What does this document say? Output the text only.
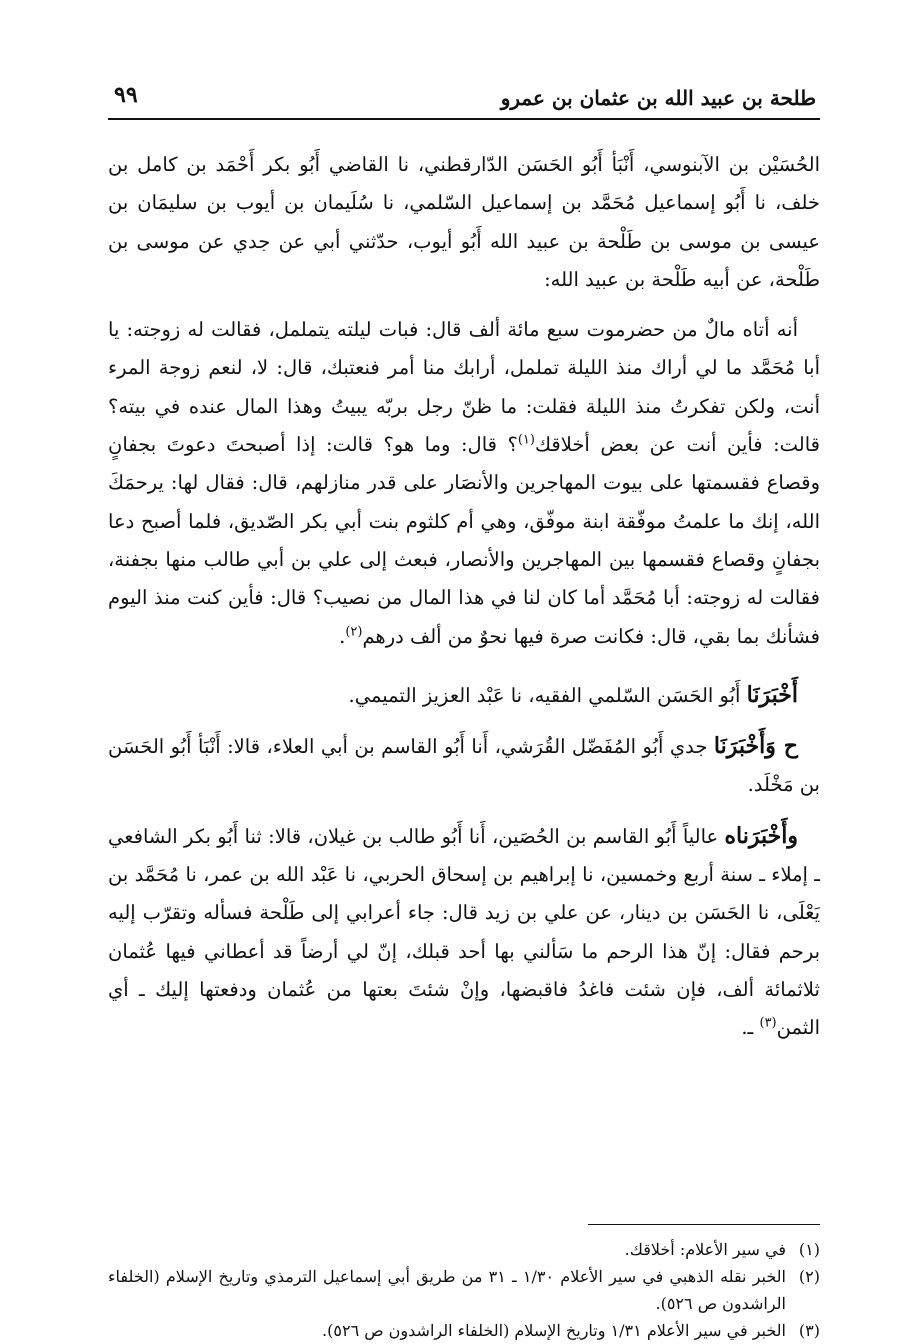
طلحة بن عبيد الله بن عثمان بن عمرو
٩٩

الحُسَيْن بن الآبنوسي، أَنْبَأ أَبُو الحَسَن الدّارقطني، نا القاضي أَبُو بكر أَحْمَد بن كامل بن خلف، نا أَبُو إسماعيل مُحَمَّد بن إسماعيل السّلمي، نا سُلَيمان بن أيوب بن سليمَان بن عيسى بن موسى بن طَلْحة بن عبيد الله أَبُو أيوب، حدّثني أبي عن جدي عن موسى بن طَلْحة، عن أبيه طَلْحة بن عبيد الله:

أنه أتاه مالٌ من حضرموت سبع مائة ألف قال: فبات ليلته يتململ، فقالت له زوجته: يا أبا مُحَمَّد ما لي أراك منذ الليلة تململ، أرابك منا أمر فنعتبك، قال: لا، لنعم زوجة المرء أنت، ولكن تفكرتُ منذ الليلة فقلت: ما ظنّ رجل بربّه يبيتُ وهذا المال عنده في بيته؟ قالت: فأين أنت عن بعض أخلاقك$^{(١)}$؟ قال: وما هو؟ قالت: إذا أصبحتَ دعوتَ بجفانٍ وقصاع فقسمتها على بيوت المهاجرين والأنصَار على قدر منازلهم، قال: فقال لها: يرحمَكَ الله، إنك ما علمتُ موفّقة ابنة موفّق، وهي أم كلثوم بنت أبي بكر الصّديق، فلما أصبح دعا بجفانٍ وقصاع فقسمها بين المهاجرين والأنصار، فبعث إلى علي بن أبي طالب منها بجفنة، فقالت له زوجته: أبا مُحَمَّد أما كان لنا في هذا المال من نصيب؟ قال: فأين كنت منذ اليوم فشأنك بما بقي، قال: فكانت صرة فيها نحوٌ من ألف درهم$^{(٢)}$.

أَخْبَرَنَا أَبُو الحَسَن السّلمي الفقيه، نا عَبْد العزيز التميمي.

ح وَأَخْبَرَنَا جدي أَبُو المُفَضّل القُرَشي، أَنا أَبُو القاسم بن أبي العلاء، قالا: أَنْبَأ أَبُو الحَسَن بن مَخْلَد.

وأَخْبَرَناه عالياً أَبُو القاسم بن الحُصَين، أَنا أَبُو طالب بن غيلان، قالا: ثنا أَبُو بكر الشافعي ـ إملاء ـ سنة أربع وخمسين، نا إبراهيم بن إسحاق الحربي، نا عَبْد الله بن عمر، نا مُحَمَّد بن يَعْلَى، نا الحَسَن بن دينار، عن علي بن زيد قال: جاء أعرابي إلى طَلْحة فسأله وتقرّب إليه برحم فقال: إنّ هذا الرحم ما سَألني بها أحد قبلك، إنّ لي أرضاً قد أعطاني فيها عُثمان ثلاثمائة ألف، فإن شئت فاغدُ فاقبضها، وإنْ شئتَ بعتها من عُثمان ودفعتها إليك ـ أي الثمن$^{(٣)}$ ـ.

(١)
في سير الأعلام: أخلاقك.
(٢)
الخبر نقله الذهبي في سير الأعلام ١/٣٠ ـ ٣١ من طريق أبي إسماعيل الترمذي وتاريخ الإسلام (الخلفاء الراشدون ص ٥٢٦).
(٣)
الخبر في سير الأعلام ١/٣١ وتاريخ الإسلام (الخلفاء الراشدون ص ٥٢٦).
